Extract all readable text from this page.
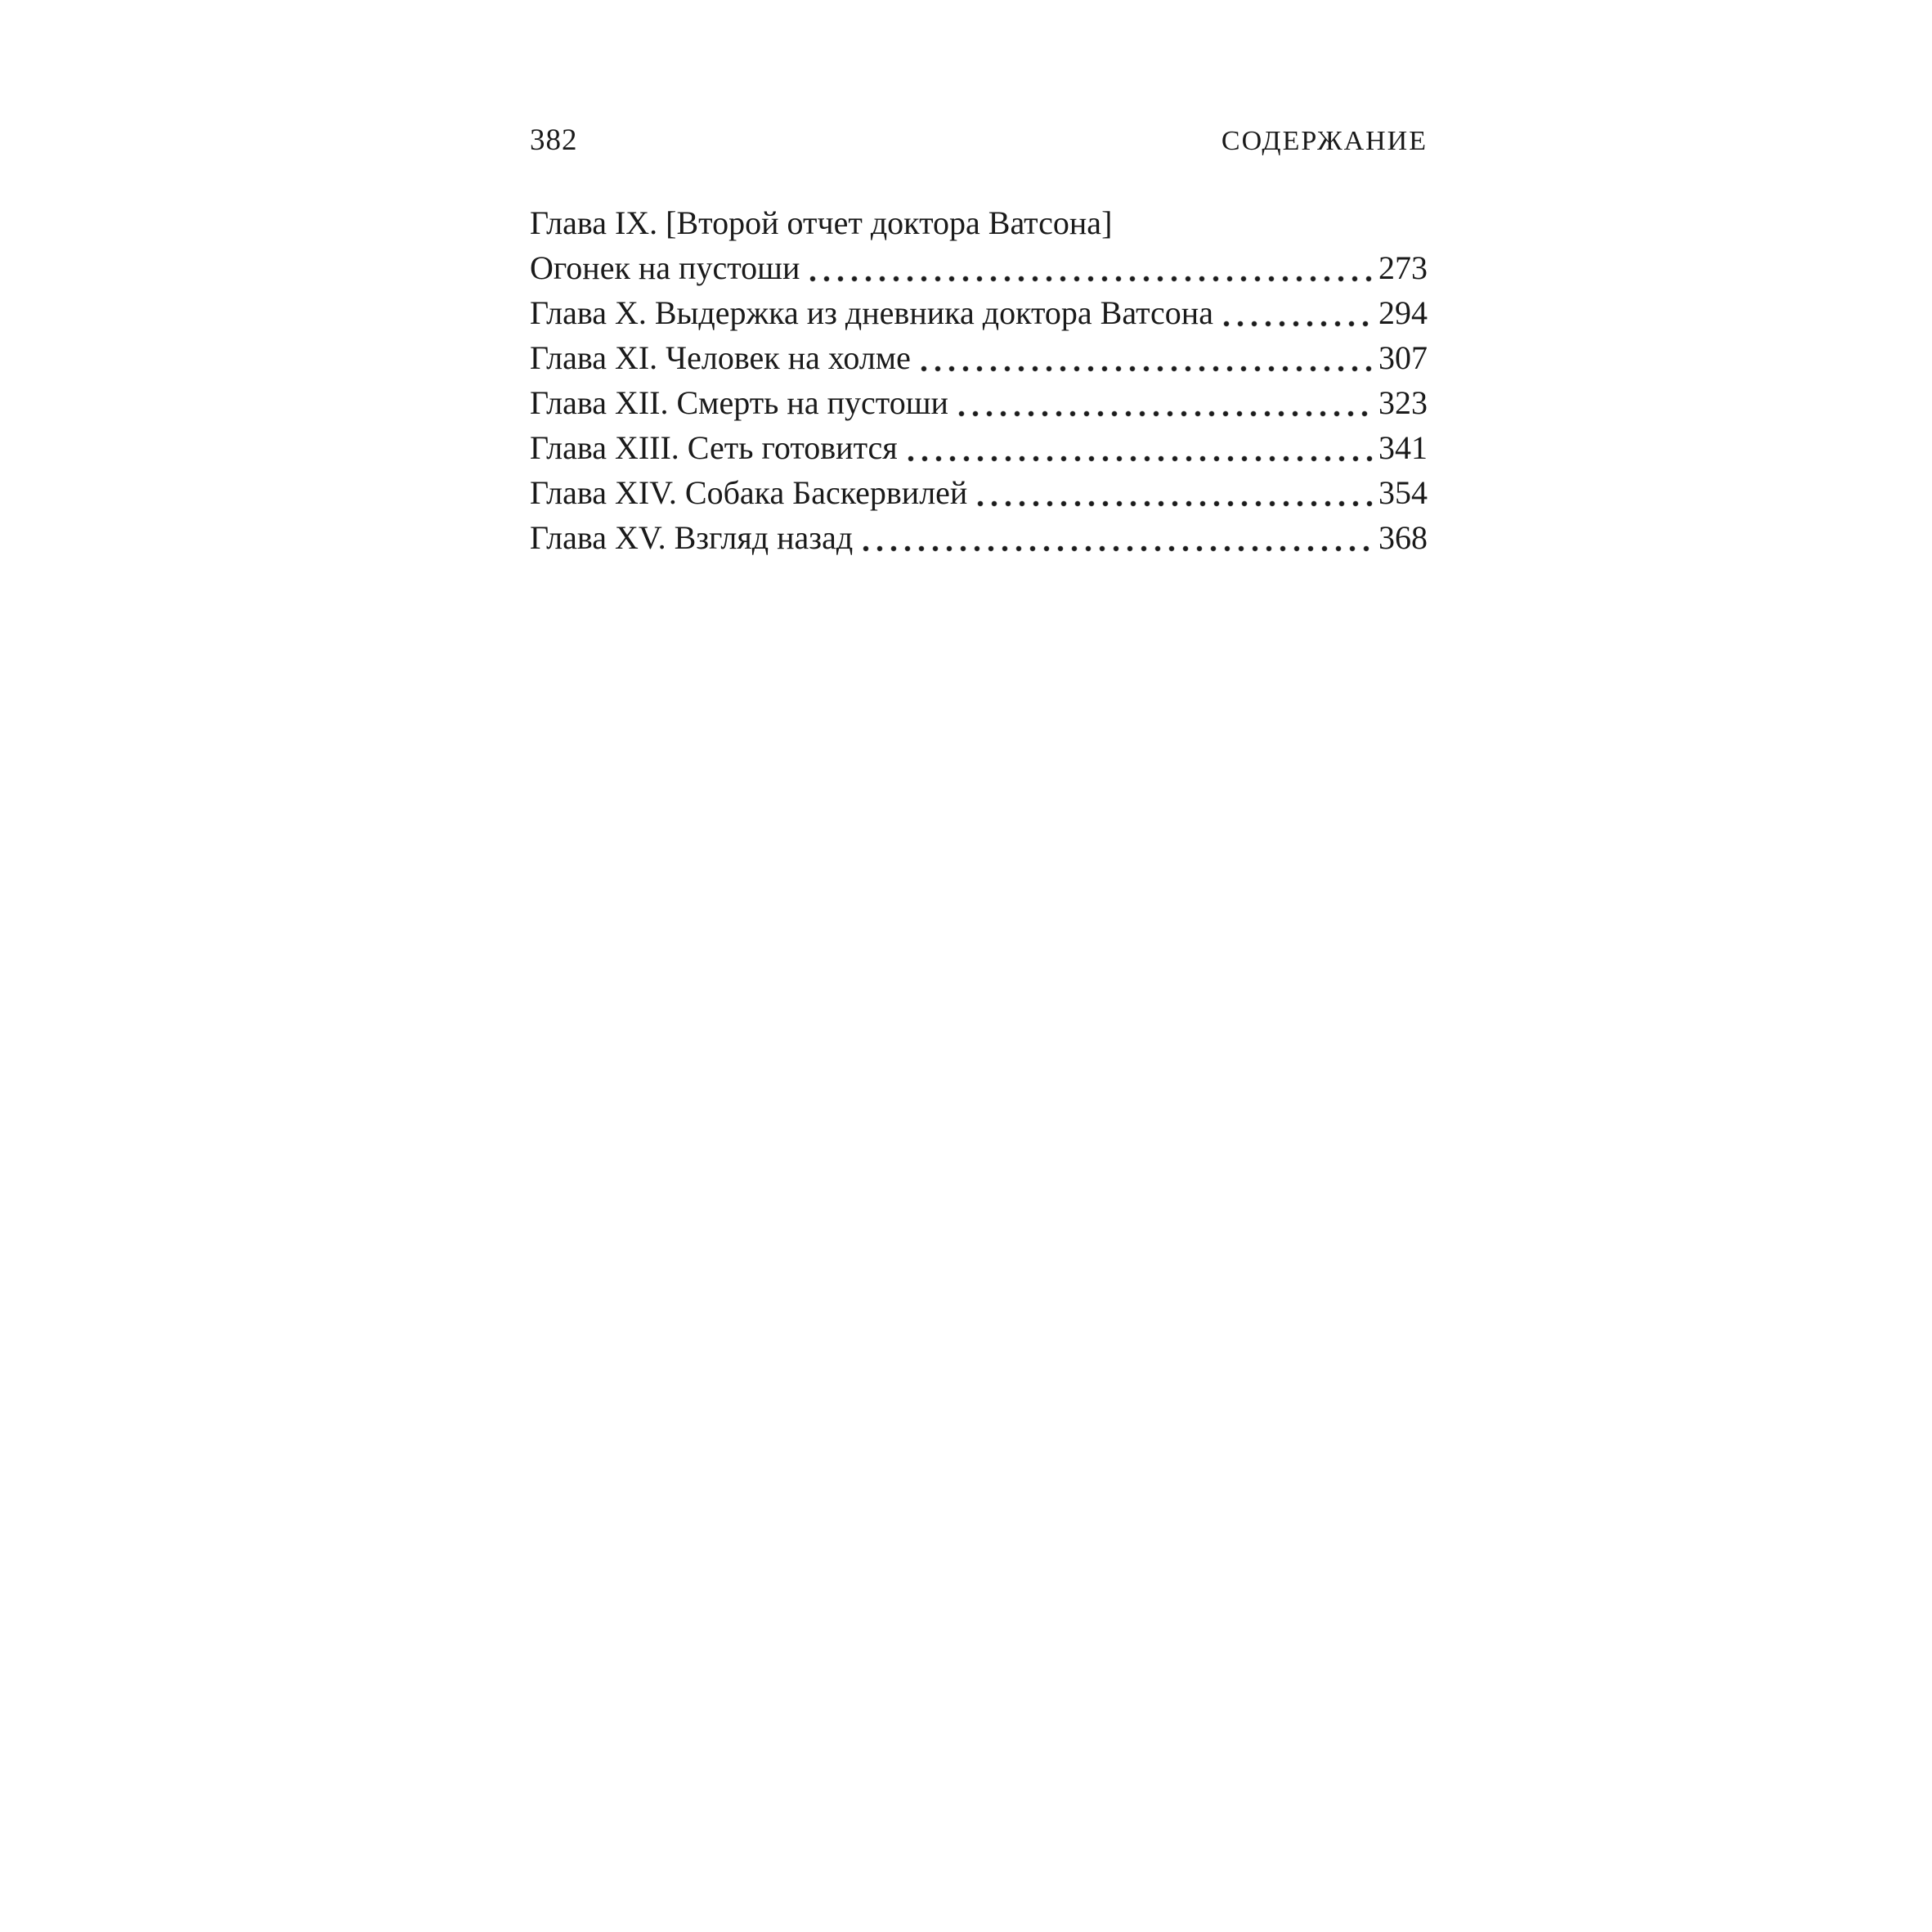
382	СОДЕРЖАНИЕ
Глава IX. [Второй отчет доктора Ватсона]
Огонек на пустоши	273
Глава X. Выдержка из дневника доктора Ватсона	294
Глава XI. Человек на холме	307
Глава XII. Смерть на пустоши	323
Глава XIII. Сеть готовится	341
Глава XIV. Собака Баскервилей	354
Глава XV. Взгляд назад	368
